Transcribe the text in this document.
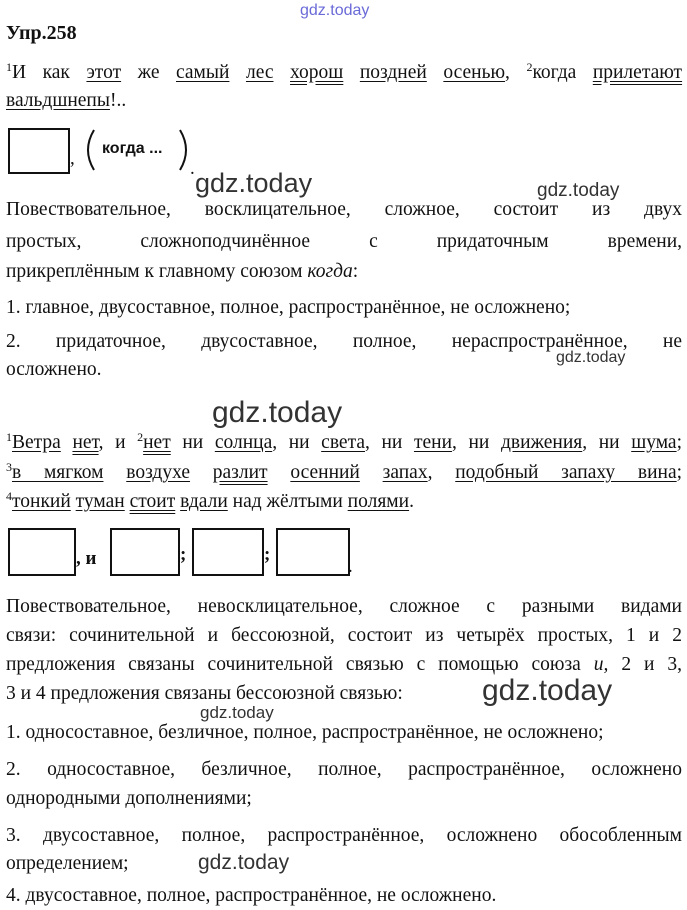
gdz.today
gdz.today	gdz.today
gdz.today
gdz.today
gdz.today
gdz.today
gdz.today
Упр.258
$^1$И как этот же самый лес хорош поздней осенью, $^2$когда прилетают
вальдшнепы!..
, когда ...
.
Повествовательное, восклицательное, сложное, состоит из двух
простых, сложноподчинённое с придаточным времени,
прикреплённым к главному союзом когда:
1. главное, двусоставное, полное, распространённое, не осложнено;
2. придаточное, двусоставное, полное, нераспространённое, не
осложнено.
$^1$Ветра нет, и $^2$нет ни солнца, ни света, ни тени, ни движения, ни шума;
$^3$в мягком воздухе разлит осенний запах, подобный запаху вина;
$^4$тонкий туман стоит вдали над жёлтыми полями.
, и	;	;
.
Повествовательное, невосклицательное, сложное с разными видами
связи: сочинительной и бессоюзной, состоит из четырёх простых, 1 и 2
предложения связаны сочинительной связью с помощью союза и, 2 и 3,
3 и 4 предложения связаны бессоюзной связью:
1. односоставное, безличное, полное, распространённое, не осложнено;
2. односоставное, безличное, полное, распространённое, осложнено
однородными дополнениями;
3. двусоставное, полное, распространённое, осложнено обособленным
определением;
4. двусоставное, полное, распространённое, не осложнено.
